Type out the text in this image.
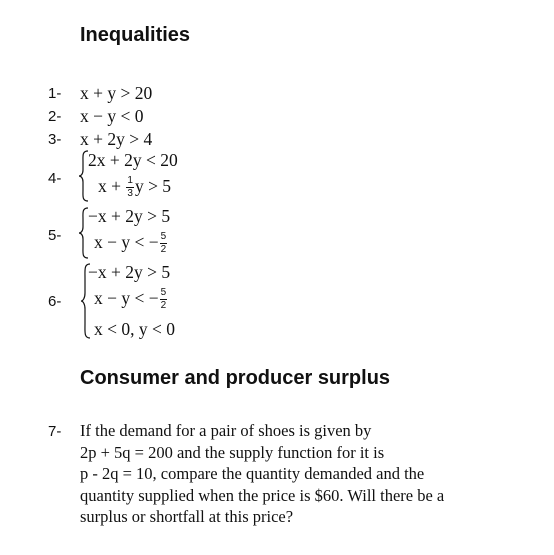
Inequalities
1- x + y > 20
2- x − y < 0
3- x + 2y > 4
4-
2x + 2y < 20
$x + \frac{1}{3}$ y > 5
5-
−x + 2y > 5
x − y < − $\frac{5}{2}$
6-
−x + 2y > 5
x − y < − $\frac{5}{2}$
x < 0, y < 0
Consumer and producer surplus
7- If the demand for a pair of shoes is given by
2p + 5q = 200 and the supply function for it is
p - 2q = 10, compare the quantity demanded and the
quantity supplied when the price is $60. Will there be a
surplus or shortfall at this price?
